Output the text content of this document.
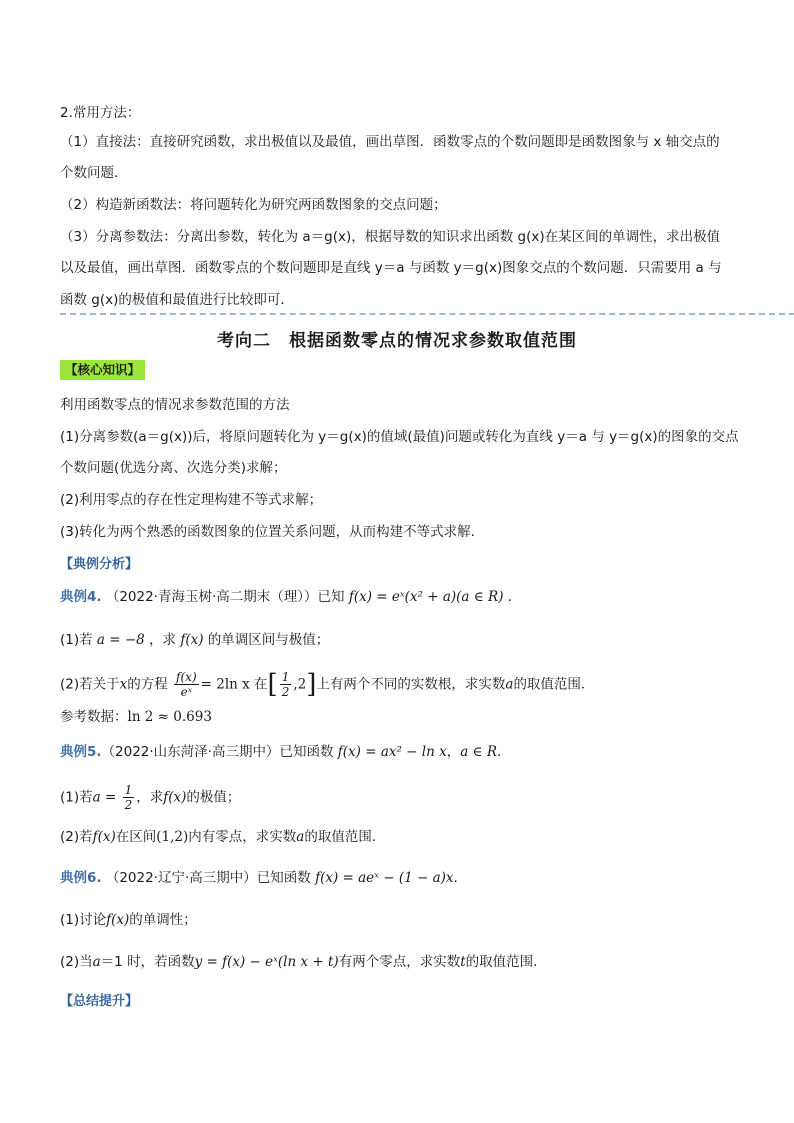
2.常用方法：
（1）直接法：直接研究函数，求出极值以及最值，画出草图．函数零点的个数问题即是函数图象与 x 轴交点的
个数问题．
（2）构造新函数法：将问题转化为研究两函数图象的交点问题；
（3）分离参数法：分离出参数，转化为 a＝g(x)，根据导数的知识求出函数 g(x)在某区间的单调性，求出极值
以及最值，画出草图．函数零点的个数问题即是直线 y＝a 与函数 y＝g(x)图象交点的个数问题．只需要用 a 与
函数 g(x)的极值和最值进行比较即可．
考向二　根据函数零点的情况求参数取值范围
【核心知识】
利用函数零点的情况求参数范围的方法
(1)分离参数(a＝g(x))后，将原问题转化为 y＝g(x)的值域(最值)问题或转化为直线 y＝a 与 y＝g(x)的图象的交点
个数问题(优选分离、次选分类)求解；
(2)利用零点的存在性定理构建不等式求解；
(3)转化为两个熟悉的函数图象的位置关系问题，从而构建不等式求解.
【典例分析】
典例4. （2022·青海玉树·高二期末（理））已知 f(x) = eˣ(x² + a)(a ∈ R) ．
(1)若 a = −8 ，求 f(x) 的单调区间与极值；
(2)若关于x的方程 $\frac{f(x)}{\text{eˣ}} = 2\ln$ x 在[ $\frac{1}{2} ,2$]上有两个不同的实数根，求实数a的取值范围．
参考数据：ln 2 ≈ 0.693
典例5.（2022·山东菏泽·高三期中）已知函数 f(x) = ax² − ln x，a ∈ R．
(1)若$a = \frac{1}{2}$ ，求f(x)的极值；
(2)若f(x)在区间(1,2)内有零点，求实数a的取值范围.
典例6. （2022·辽宁·高三期中）已知函数 f(x) = aeˣ − (1 − a)x．
(1)讨论f(x)的单调性；
(2)当a＝1 时，若函数y = f(x) − eˣ(ln x + t)有两个零点，求实数t的取值范围．
【总结提升】
